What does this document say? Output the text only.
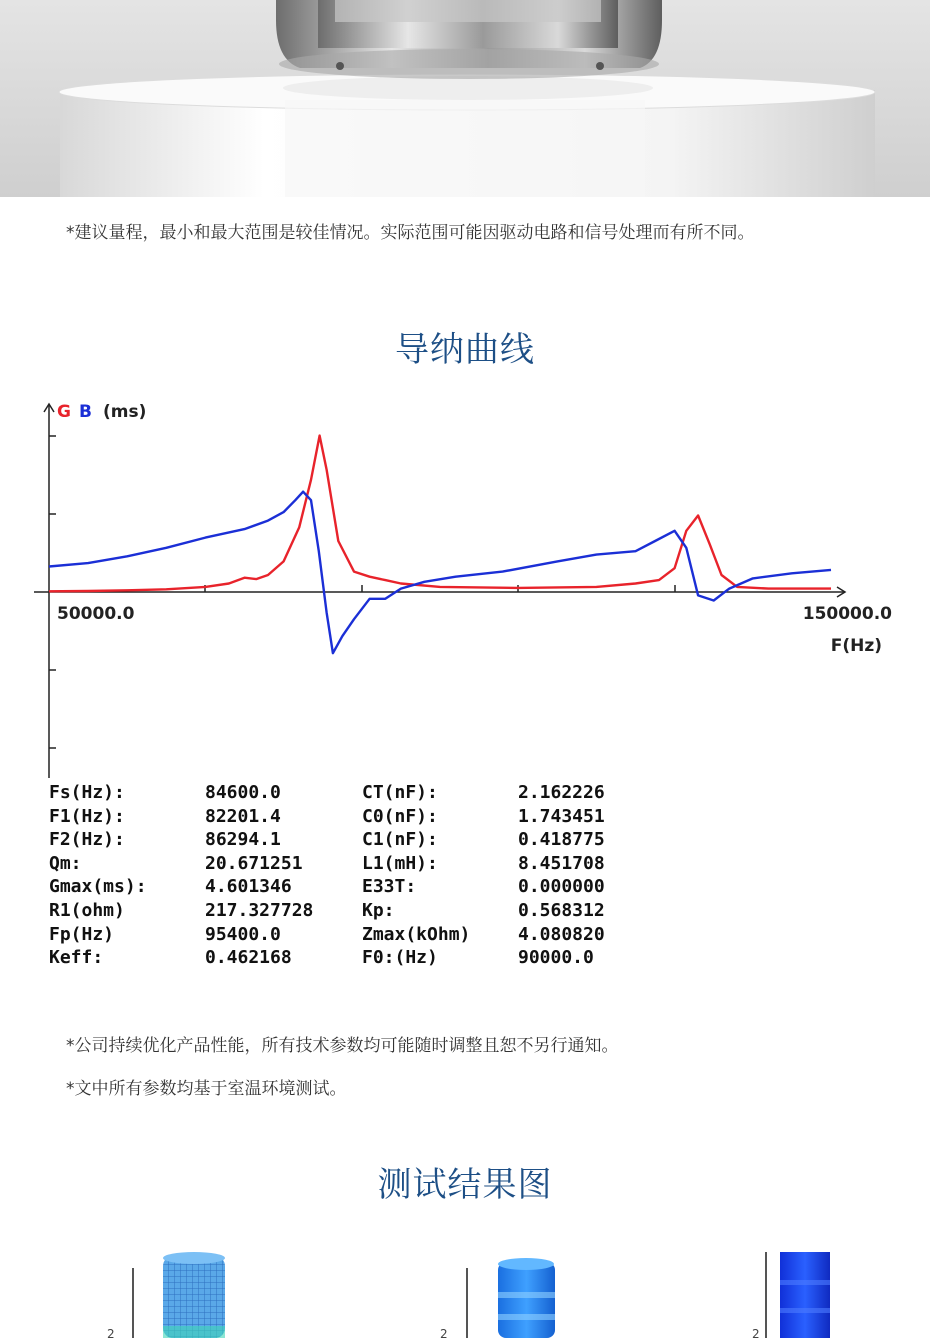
*建议量程，最小和最大范围是较佳情况。实际范围可能因驱动电路和信号处理而有所不同。
导纳曲线
G B (ms)
50000.0	150000.0
F(Hz)
Fs(Hz):	84600.0	CT(nF):	2.162226
F1(Hz):	82201.4	C0(nF):	1.743451
F2(Hz):	86294.1	C1(nF):	0.418775
Qm:	20.671251	L1(mH):	8.451708
Gmax(ms):	4.601346	E33T:	0.000000
R1(ohm)	217.327728	Kp:	0.568312
Fp(Hz)	95400.0	Zmax(kOhm)	4.080820
Keff:	0.462168	F0:(Hz)	90000.0
*公司持续优化产品性能，所有技术参数均可能随时调整且恕不另行通知。
*文中所有参数均基于室温环境测试。
测试结果图
2	2	2
